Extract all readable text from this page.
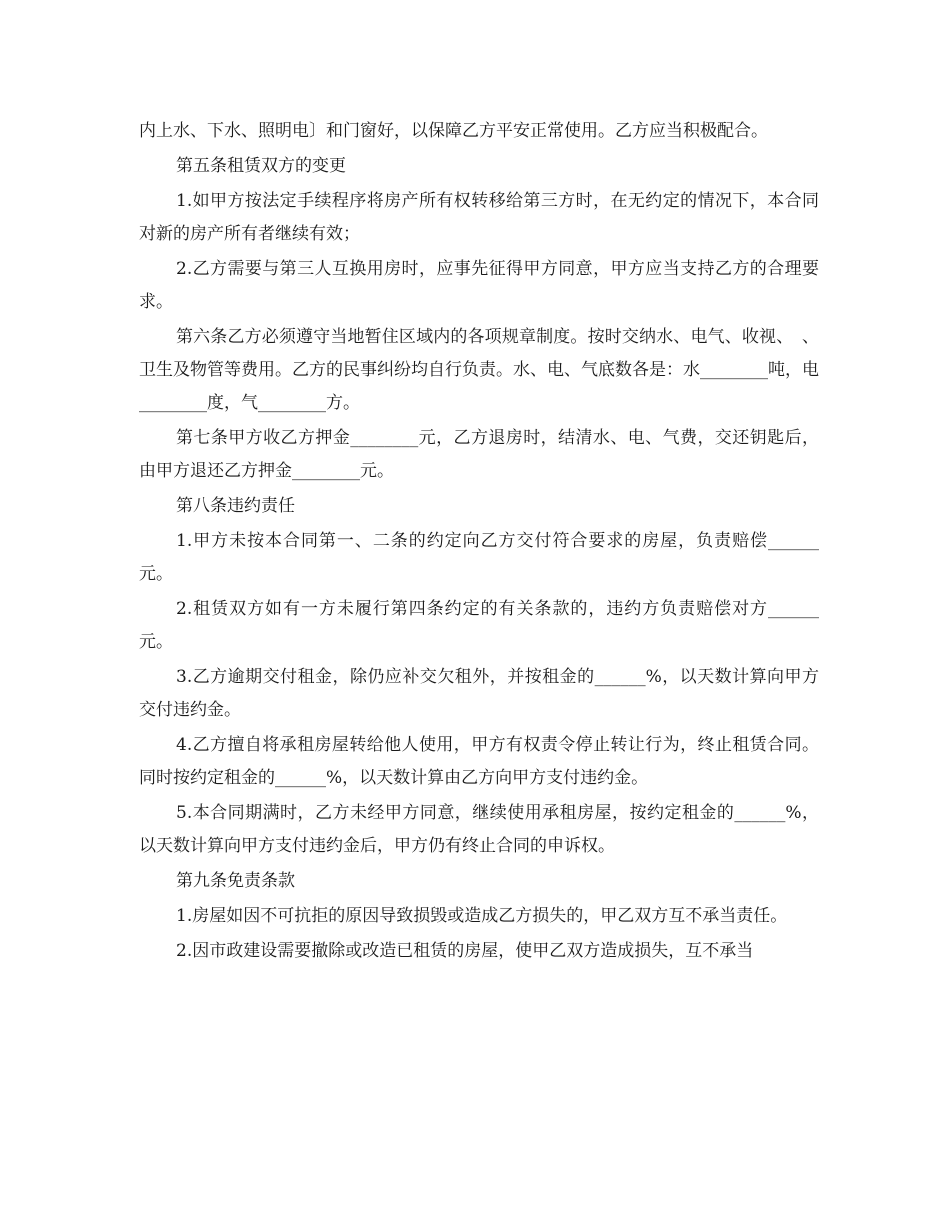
内上水、下水、照明电〕和门窗好，以保障乙方平安正常使用。乙方应当积极配合。

第五条租赁双方的变更

1.如甲方按法定手续程序将房产所有权转移给第三方时，在无约定的情况下，本合同对新的房产所有者继续有效；

2.乙方需要与第三人互换用房时，应事先征得甲方同意，甲方应当支持乙方的合理要求。

第六条乙方必须遵守当地暂住区域内的各项规章制度。按时交纳水、电气、收视、　、卫生及物管等费用。乙方的民事纠纷均自行负责。水、电、气底数各是：水________吨，电________度，气________方。

第七条甲方收乙方押金________元，乙方退房时，结清水、电、气费，交还钥匙后，由甲方退还乙方押金________元。

第八条违约责任

1.甲方未按本合同第一、二条的约定向乙方交付符合要求的房屋，负责赔偿______元。

2.租赁双方如有一方未履行第四条约定的有关条款的，违约方负责赔偿对方______元。

3.乙方逾期交付租金，除仍应补交欠租外，并按租金的______%，以天数计算向甲方交付违约金。

4.乙方擅自将承租房屋转给他人使用，甲方有权责令停止转让行为，终止租赁合同。同时按约定租金的______%，以天数计算由乙方向甲方支付违约金。

5.本合同期满时，乙方未经甲方同意，继续使用承租房屋，按约定租金的______%，以天数计算向甲方支付违约金后，甲方仍有终止合同的申诉权。

第九条免责条款

1.房屋如因不可抗拒的原因导致损毁或造成乙方损失的，甲乙双方互不承当责任。

2.因市政建设需要撤除或改造已租赁的房屋，使甲乙双方造成损失，互不承当
